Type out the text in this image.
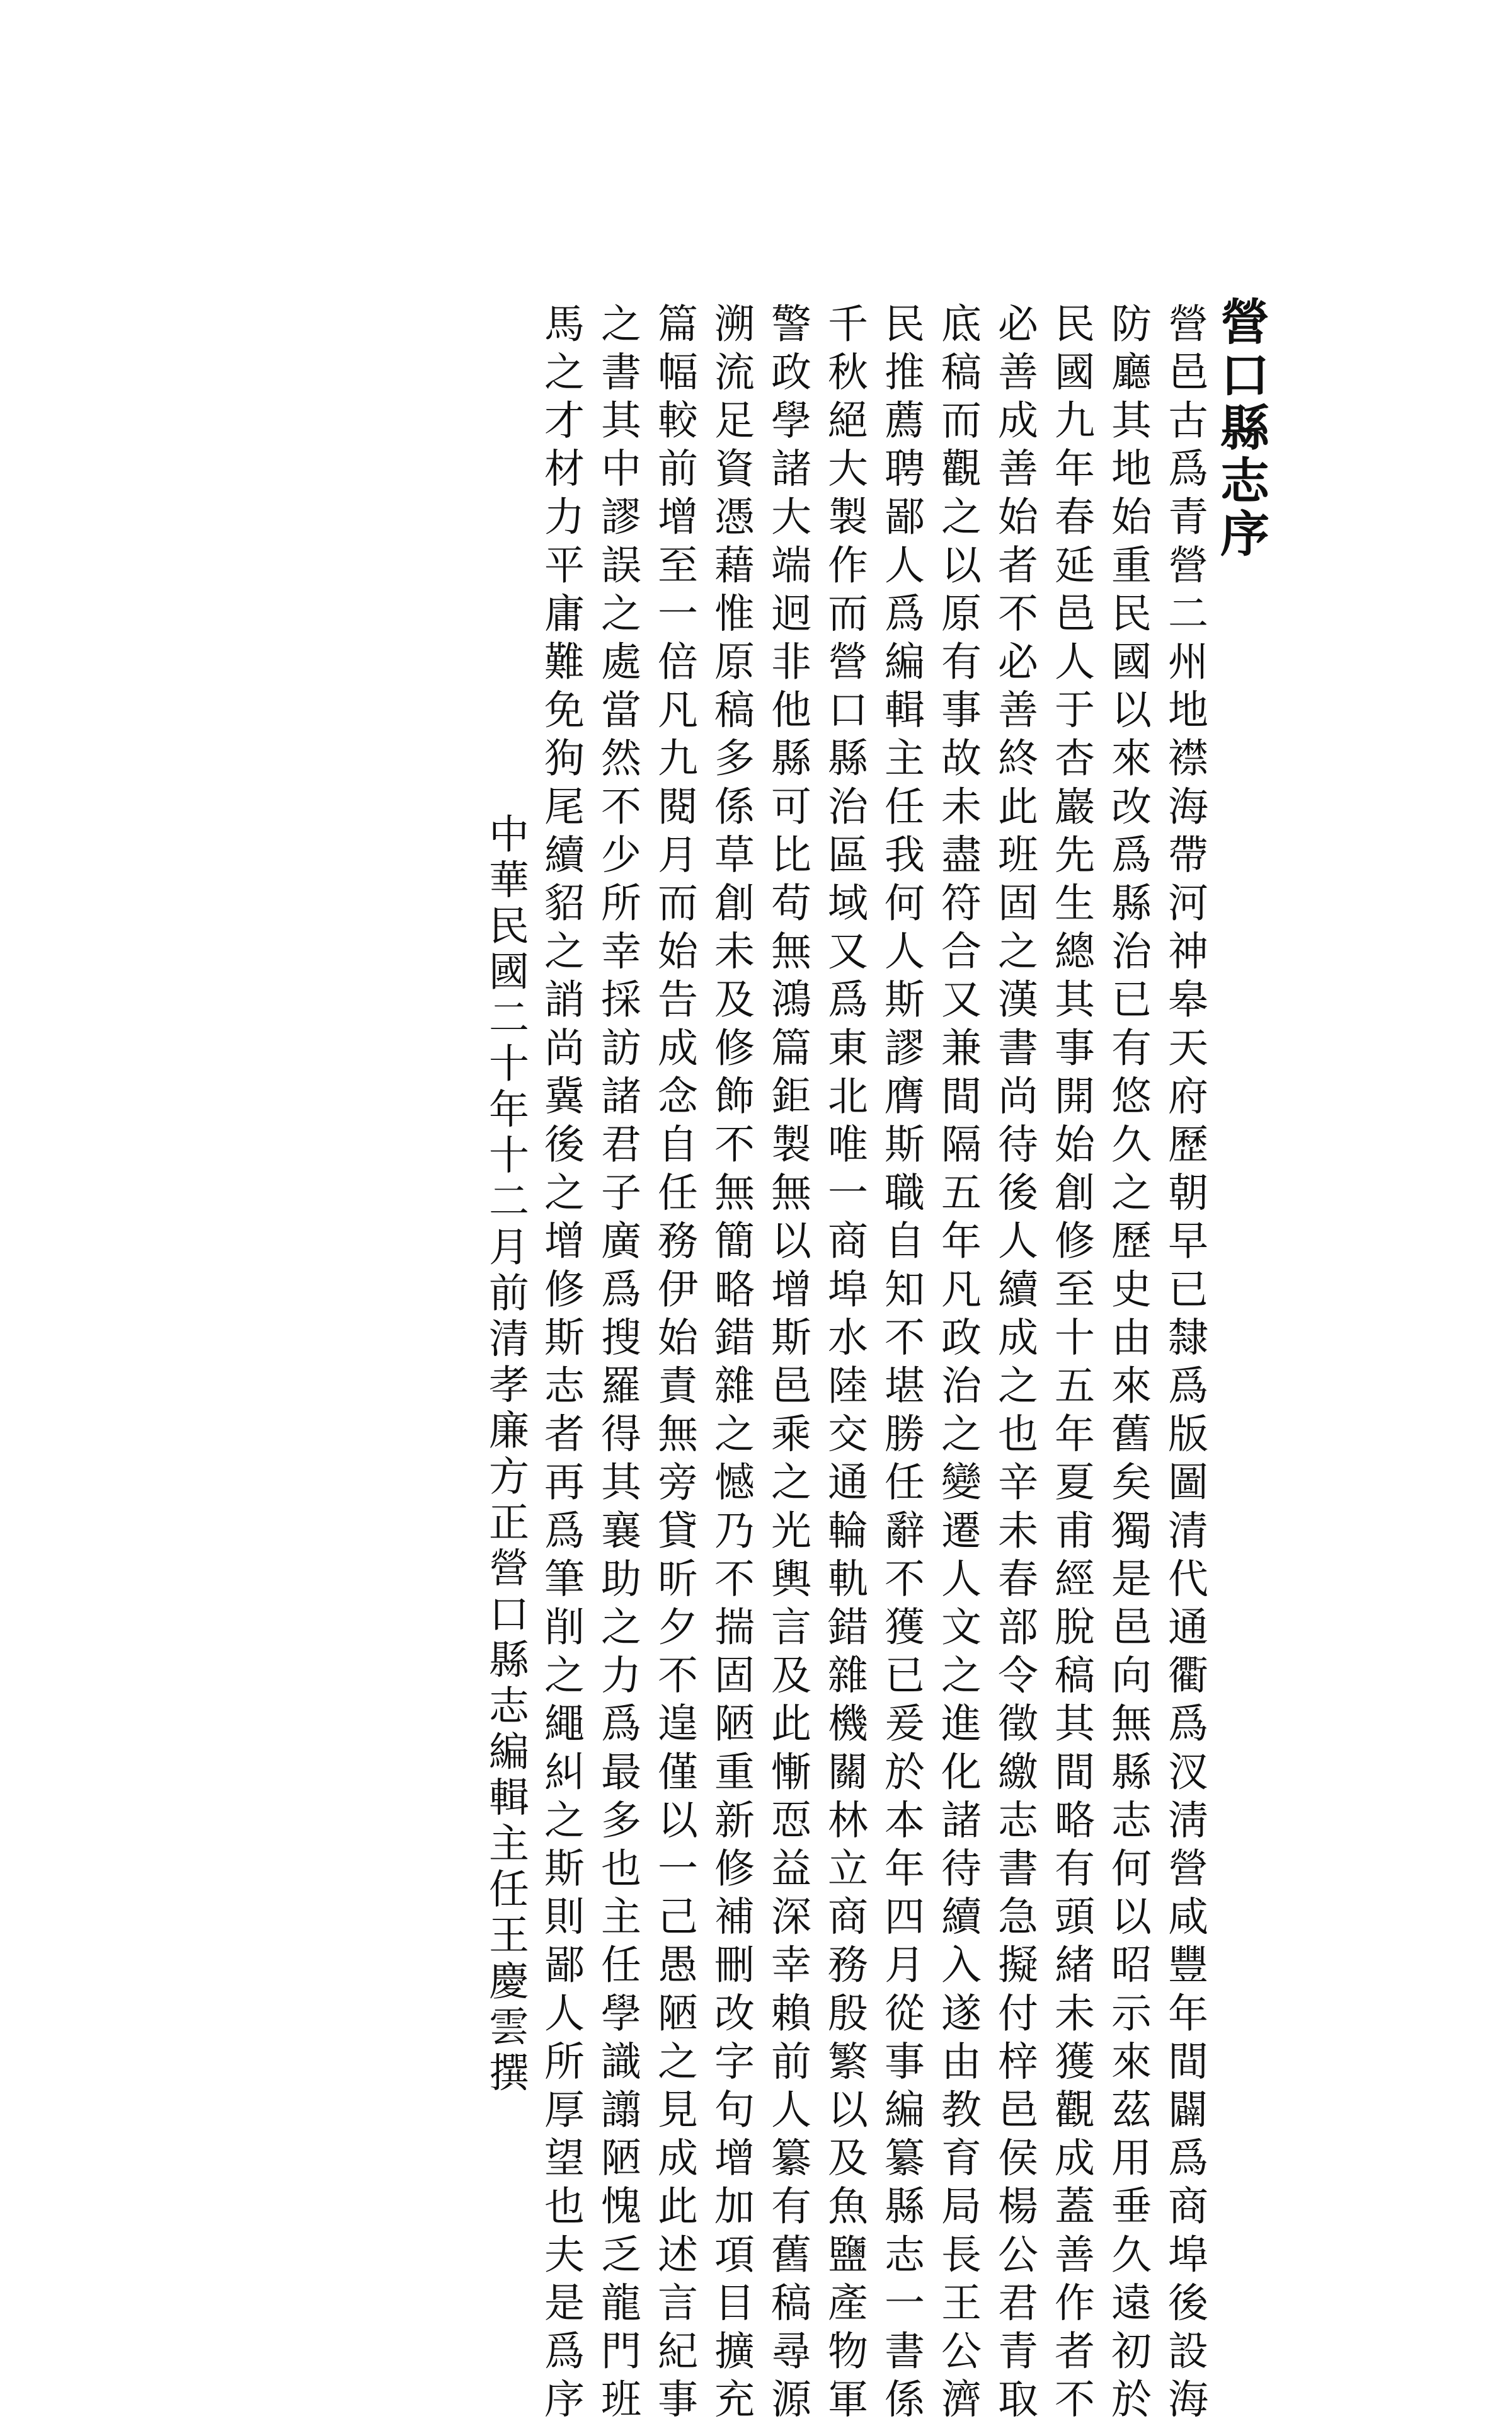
營口縣志序
營邑古爲青營二州地襟海帶河神皋天府歷朝早已隸爲版圖清代通衢爲汊淸營咸豐年間闢爲商埠後設海
防廳其地始重民國以來改爲縣治已有悠久之歷史由來舊矣獨是邑向無縣志何以昭示來茲用垂久遠初於
民國九年春延邑人于杏巖先生總其事開始創修至十五年夏甫經脫稿其間略有頭緒未獲觀成蓋善作者不
必善成善始者不必善終此班固之漢書尚待後人續成之也辛未春部令徵繳志書急擬付梓邑侯楊公君青取
底稿而觀之以原有事故未盡符合又兼間隔五年凡政治之變遷人文之進化諸待續入遂由教育局長王公濟
民推薦聘鄙人爲編輯主任我何人斯謬膺斯職自知不堪勝任辭不獲已爰於本年四月從事編纂縣志一書係
千秋絕大製作而營口縣治區域又爲東北唯一商埠水陸交通輪軌錯雜機關林立商務殷繁以及魚鹽產物軍
警政學諸大端迥非他縣可比苟無鴻篇鉅製無以增斯邑乘之光輿言及此慚恧益深幸賴前人纂有舊稿尋源
溯流足資憑藉惟原稿多係草創未及修飾不無簡略錯雜之憾乃不揣固陋重新修補刪改字句增加項目擴充
篇幅較前增至一倍凡九閱月而始告成念自任務伊始責無旁貸昕夕不遑僅以一己愚陋之見成此述言紀事
之書其中謬誤之處當然不少所幸採訪諸君子廣爲搜羅得其襄助之力爲最多也主任學識譾陋愧乏龍門班
馬之才材力平庸難免狗尾續貂之誚尚冀後之增修斯志者再爲筆削之繩糾之斯則鄙人所厚望也夫是爲序
中華民國二十年十二月前清孝廉方正營口縣志編輯主任王慶雲撰
